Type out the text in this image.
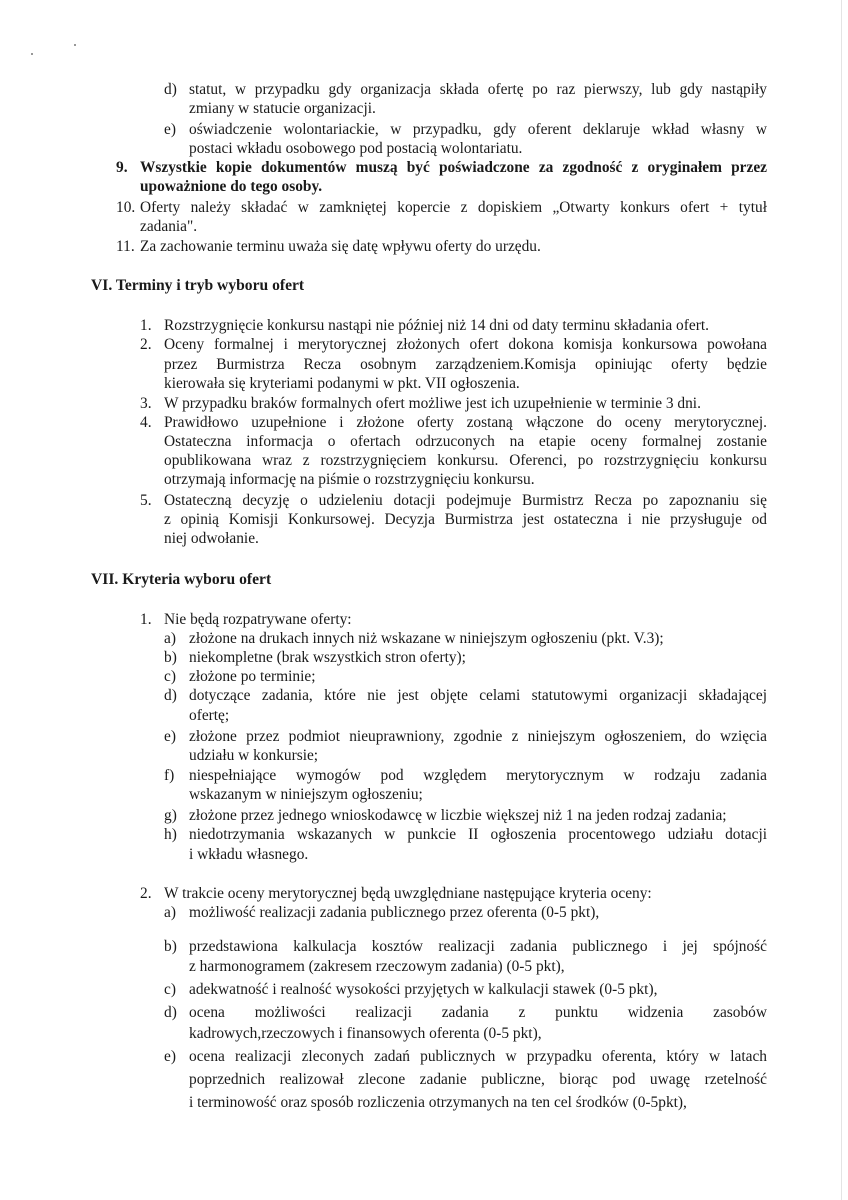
d) statut, w przypadku gdy organizacja składa ofertę po raz pierwszy, lub gdy nastąpiły
zmiany w statucie organizacji.
e) oświadczenie wolontariackie, w przypadku, gdy oferent deklaruje wkład własny w
postaci wkładu osobowego pod postacią wolontariatu.
9. Wszystkie kopie dokumentów muszą być poświadczone za zgodność z oryginałem przez
upoważnione do tego osoby.
10. Oferty należy składać w zamkniętej kopercie z dopiskiem „Otwarty konkurs ofert + tytuł
zadania".
11. Za zachowanie terminu uważa się datę wpływu oferty do urzędu.
VI. Terminy i tryb wyboru ofert
1. Rozstrzygnięcie konkursu nastąpi nie później niż 14 dni od daty terminu składania ofert.
2. Oceny formalnej i merytorycznej złożonych ofert dokona komisja konkursowa powołana
przez Burmistrza Recza osobnym zarządzeniem.Komisja opiniując oferty będzie
kierowała się kryteriami podanymi w pkt. VII ogłoszenia.
3. W przypadku braków formalnych ofert możliwe jest ich uzupełnienie w terminie 3 dni.
4. Prawidłowo uzupełnione i złożone oferty zostaną włączone do oceny merytorycznej.
Ostateczna informacja o ofertach odrzuconych na etapie oceny formalnej zostanie
opublikowana wraz z rozstrzygnięciem konkursu. Oferenci, po rozstrzygnięciu konkursu
otrzymają informację na piśmie o rozstrzygnięciu konkursu.
5. Ostateczną decyzję o udzieleniu dotacji podejmuje Burmistrz Recza po zapoznaniu się
z opinią Komisji Konkursowej. Decyzja Burmistrza jest ostateczna i nie przysługuje od
niej odwołanie.
VII. Kryteria wyboru ofert
1. Nie będą rozpatrywane oferty:
a) złożone na drukach innych niż wskazane w niniejszym ogłoszeniu (pkt. V.3);
b) niekompletne (brak wszystkich stron oferty);
c) złożone po terminie;
d) dotyczące zadania, które nie jest objęte celami statutowymi organizacji składającej
ofertę;
e) złożone przez podmiot nieuprawniony, zgodnie z niniejszym ogłoszeniem, do wzięcia
udziału w konkursie;
f) niespełniające wymogów pod względem merytorycznym w rodzaju zadania
wskazanym w niniejszym ogłoszeniu;
g) złożone przez jednego wnioskodawcę w liczbie większej niż 1 na jeden rodzaj zadania;
h) niedotrzymania wskazanych w punkcie II ogłoszenia procentowego udziału dotacji
i wkładu własnego.
2. W trakcie oceny merytorycznej będą uwzględniane następujące kryteria oceny:
a) możliwość realizacji zadania publicznego przez oferenta (0-5 pkt),
b) przedstawiona kalkulacja kosztów realizacji zadania publicznego i jej spójność
z harmonogramem (zakresem rzeczowym zadania) (0-5 pkt),
c) adekwatność i realność wysokości przyjętych w kalkulacji stawek (0-5 pkt),
d) ocena możliwości realizacji zadania z punktu widzenia zasobów
kadrowych,rzeczowych i finansowych oferenta (0-5 pkt),
e) ocena realizacji zleconych zadań publicznych w przypadku oferenta, który w latach
poprzednich realizował zlecone zadanie publiczne, biorąc pod uwagę rzetelność
i terminowość oraz sposób rozliczenia otrzymanych na ten cel środków (0-5pkt),
